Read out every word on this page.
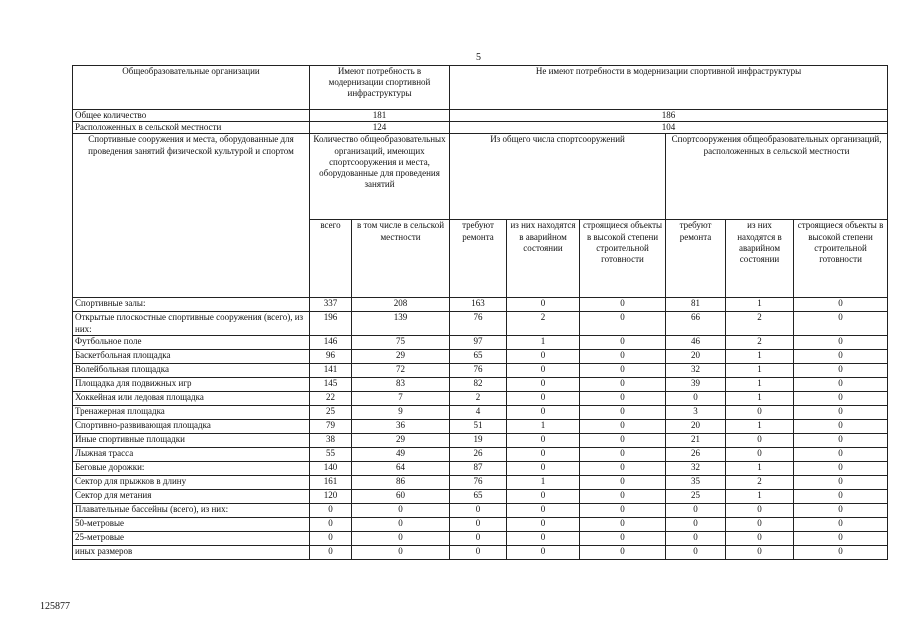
5
Общеобразовательные организации	Имеют потребность в модернизации спортивной инфраструктуры		Не имеют потребности в модернизации спортивной инфраструктуры					
Общее количество	181		186					
Расположенных в сельской местности	124		104					
Спортивные сооружения и места, оборудованные для проведения занятий физической культурой и спортом	Количество общеобразовательных организаций, имеющих спортсооружения и места, оборудованные для проведения занятий		Из общего числа спортсооружений			Спортсооружения общеобразовательных организаций, расположенных в сельской местности		
	всего	в том числе в сельской местности	требуют ремонта	из них находятся в аварийном состоянии	строящиеся объекты в высокой степени строительной готовности	требуют ремонта	из них находятся в аварийном состоянии	строящиеся объекты в высокой степени строительной готовности
Спортивные залы:	337	208	163	0	0	81	1	0
Открытые плоскостные спортивные сооружения (всего), из них:	196	139	76	2	0	66	2	0
Футбольное поле	146	75	97	1	0	46	2	0
Баскетбольная площадка	96	29	65	0	0	20	1	0
Волейбольная площадка	141	72	76	0	0	32	1	0
Площадка для подвижных игр	145	83	82	0	0	39	1	0
Хоккейная или ледовая площадка	22	7	2	0	0	0	1	0
Тренажерная площадка	25	9	4	0	0	3	0	0
Спортивно-развивающая площадка	79	36	51	1	0	20	1	0
Иные спортивные площадки	38	29	19	0	0	21	0	0
Лыжная трасса	55	49	26	0	0	26	0	0
Беговые дорожки:	140	64	87	0	0	32	1	0
Сектор для прыжков в длину	161	86	76	1	0	35	2	0
Сектор для метания	120	60	65	0	0	25	1	0
Плавательные бассейны (всего), из них:	0	0	0	0	0	0	0	0
50-метровые	0	0	0	0	0	0	0	0
25-метровые	0	0	0	0	0	0	0	0
иных размеров	0	0	0	0	0	0	0	0
125877
